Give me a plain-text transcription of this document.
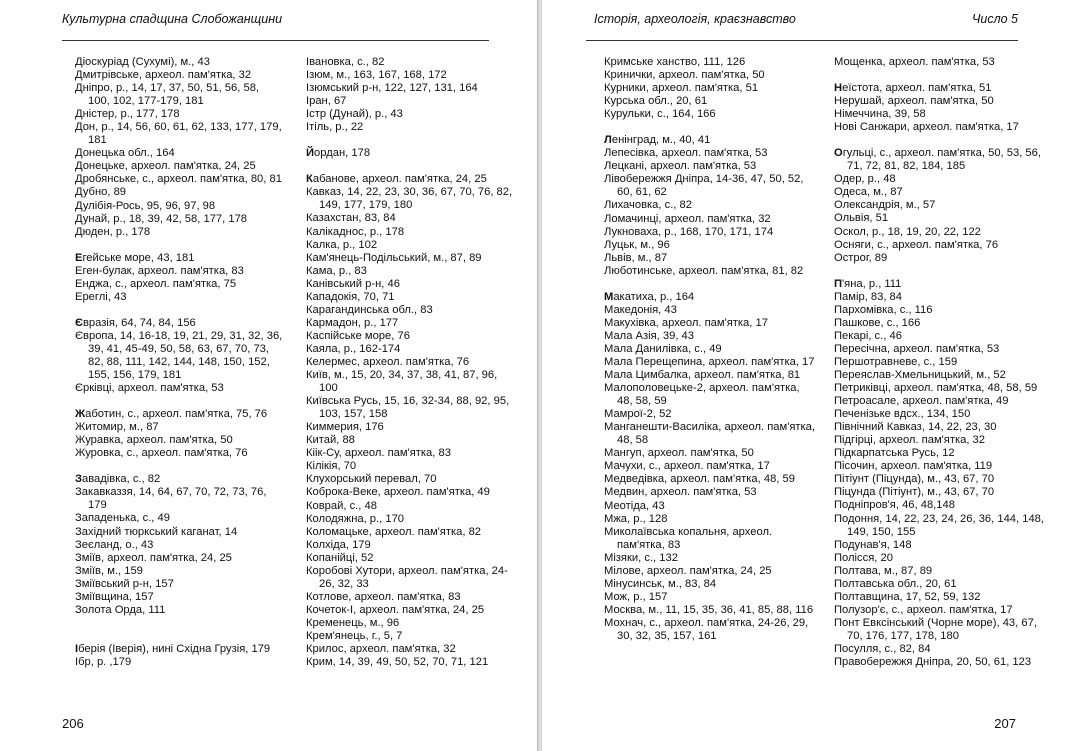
Культурна спадщина Слобожанщини
Діоскуріад (Сухумі), м., 43
Дмитрівське, археол. пам'ятка, 32
Дніпро, р., 14, 17, 37, 50, 51, 56, 58, 100, 102, 177-179, 181
Дністер, р., 177, 178
Дон, р., 14, 56, 60, 61, 62, 133, 177, 179, 181
Донецька обл., 164
Донецьке, археол. пам'ятка, 24, 25
Дробянське, с., археол. пам'ятка, 80, 81
Дубно, 89
Дулібія-Рось, 95, 96, 97, 98
Дунай, р., 18, 39, 42, 58, 177, 178
Дюден, р., 178
Егейське море, 43, 181
Еген-булак, археол. пам'ятка, 83
Енджа, с., археол. пам'ятка, 75
Ереглі, 43
Євразія, 64, 74, 84, 156
Європа, 14, 16-18, 19, 21, 29, 31, 32, 36, 39, 41, 45-49, 50, 58, 63, 67, 70, 73, 82, 88, 111, 142, 144, 148, 150, 152, 155, 156, 179, 181
Єрківці, археол. пам'ятка, 53
Жаботин, с., археол. пам'ятка, 75, 76
Житомир, м., 87
Журавка, археол. пам'ятка, 50
Журовка, с., археол. пам'ятка, 76
Завадівка, с., 82
Закавказзя, 14, 64, 67, 70, 72, 73, 76, 179
Западенька, с., 49
Західний тюркський каганат, 14
Зеєланд, о., 43
Зміїв, археол. пам'ятка, 24, 25
Зміїв, м., 159
Зміївський р-н, 157
Зміївщина, 157
Золота Орда, 111
Іберія (Іверія), нині Східна Грузія, 179
Ібр, р. ,179
Івановка, с., 82
Ізюм, м., 163, 167, 168, 172
Ізюмський р-н, 122, 127, 131, 164
Іран, 67
Істр (Дунай), р., 43
Ітіль, р., 22
Йордан, 178
Кабанове, археол. пам'ятка, 24, 25
Кавказ, 14, 22, 23, 30, 36, 67, 70, 76, 82, 149, 177, 179, 180
Казахстан, 83, 84
Калікаднос, р., 178
Калка, р., 102
Кам'янець-Подільський, м., 87, 89
Кама, р., 83
Канівський р-н, 46
Кападокія, 70, 71
Карагандинська обл., 83
Кармадон, р., 177
Каспійське море, 76
Каяла, р., 162-174
Келермес, археол. пам'ятка, 76
Київ, м., 15, 20, 34, 37, 38, 41, 87, 96, 100
Київська Русь, 15, 16, 32-34, 88, 92, 95, 103, 157, 158
Киммерия, 176
Китай, 88
Кіік-Су, археол. пам'ятка, 83
Кілікія, 70
Клухорський перевал, 70
Коброка-Веке, археол. пам'ятка, 49
Коврай, с., 48
Колодяжна, р., 170
Коломацьке, археол. пам'ятка, 82
Колхіда, 179
Копанійці, 52
Коробові Хутори, археол. пам'ятка, 24-26, 32, 33
Котлове, археол. пам'ятка, 83
Кочеток-І, археол. пам'ятка, 24, 25
Кременець, м., 96
Крем'янець, г., 5, 7
Крилос, археол. пам'ятка, 32
Крим, 14, 39, 49, 50, 52, 70, 71, 121
206
Історія, археологія, краєзнавство	Число 5
Кримське ханство, 111, 126
Кринички, археол. пам'ятка, 50
Курники, археол. пам'ятка, 51
Курська обл., 20, 61
Курульки, с., 164, 166
Ленінград, м., 40, 41
Лепесівка, археол. пам'ятка, 53
Лецкані, археол. пам'ятка, 53
Лівобережжя Дніпра, 14-36, 47, 50, 52, 60, 61, 62
Лихачовка, с., 82
Ломачинці, археол. пам'ятка, 32
Лукноваха, р., 168, 170, 171, 174
Луцьк, м., 96
Львів, м., 87
Люботинське, археол. пам'ятка, 81, 82
Макатиха, р., 164
Македонія, 43
Макухівка, археол. пам'ятка, 17
Мала Азія, 39, 43
Мала Данилівка, с., 49
Мала Перещепина, археол. пам'ятка, 17
Мала Цимбалка, археол. пам'ятка, 81
Малополовецьке-2, археол. пам'ятка, 48, 58, 59
Мамрої-2, 52
Манганешти-Василіка, археол. пам'ятка, 48, 58
Мангуп, археол. пам'ятка, 50
Мачухи, с., археол. пам'ятка, 17
Медведівка, археол. пам'ятка, 48, 59
Медвин, археол. пам'ятка, 53
Меотіда, 43
Мжа, р., 128
Миколаївська копальня, археол. пам'ятка, 83
Мізяки, с., 132
Мілове, археол. пам'ятка, 24, 25
Мінусинськ, м., 83, 84
Мож, р., 157
Москва, м., 11, 15, 35, 36, 41, 85, 88, 116
Мохнач, с., археол. пам'ятка, 24-26, 29, 30, 32, 35, 157, 161
Мощенка, археол. пам'ятка, 53
Неїстота, археол. пам'ятка, 51
Нерушай, археол. пам'ятка, 50
Німеччина, 39, 58
Нові Санжари, археол. пам'ятка, 17
Огульці, с., археол. пам'ятка, 50, 53, 56, 71, 72, 81, 82, 184, 185
Одер, р., 48
Одеса, м., 87
Олександрія, м., 57
Ольвія, 51
Оскол, р., 18, 19, 20, 22, 122
Осняги, с., археол. пам'ятка, 76
Острог, 89
П'яна, р., 111
Памір, 83, 84
Пархомівка, с., 116
Пашкове, с., 166
Пекарі, с., 46
Пересічна, археол. пам'ятка, 53
Першотравневе, с., 159
Переяслав-Хмельницький, м., 52
Петриківці, археол. пам'ятка, 48, 58, 59
Петроасале, археол. пам'ятка, 49
Печенізьке вдсх., 134, 150
Північний Кавказ, 14, 22, 23, 30
Підгірці, археол. пам'ятка, 32
Підкарпатська Русь, 12
Пісочин, археол. пам'ятка, 119
Пітіунт (Піцунда), м., 43, 67, 70
Піцунда (Пітіунт), м., 43, 67, 70
Подніпров'я, 46, 48,148
Подоння, 14, 22, 23, 24, 26, 36, 144, 148, 149, 150, 155
Подунав'я, 148
Полісся, 20
Полтава, м., 87, 89
Полтавська обл., 20, 61
Полтавщина, 17, 52, 59, 132
Полузор'є, с., археол. пам'ятка, 17
Понт Евксінський (Чорне море), 43, 67, 70, 176, 177, 178, 180
Посулля, с., 82, 84
Правобережжя Дніпра, 20, 50, 61, 123
207
